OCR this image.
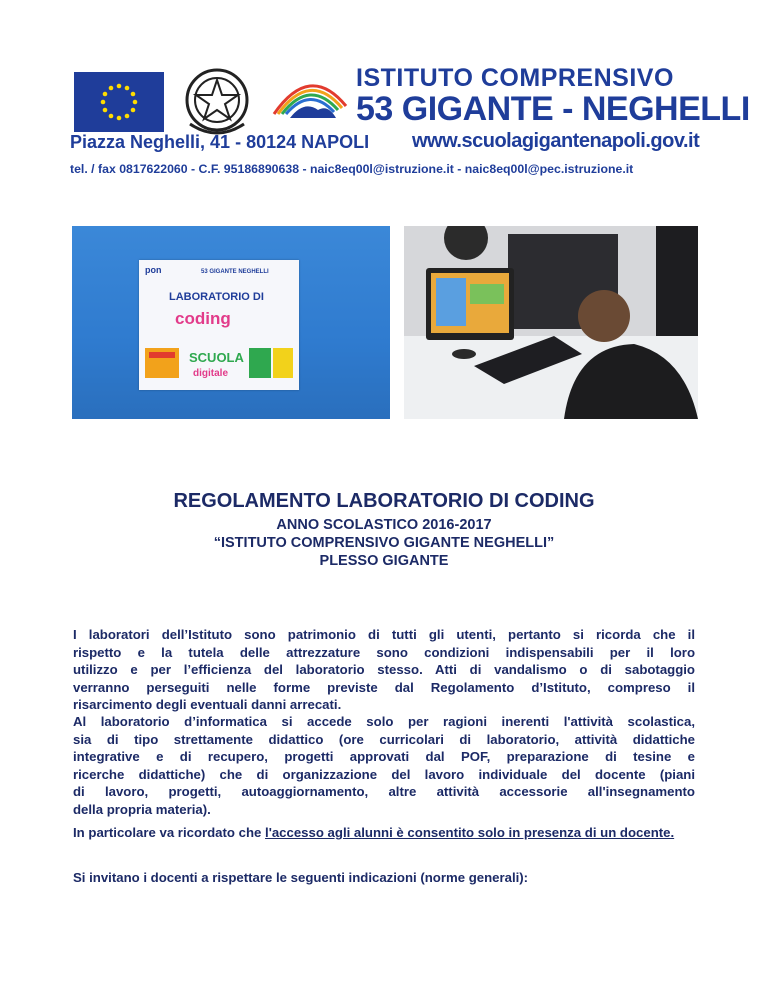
ISTITUTO COMPRENSIVO
53 GIGANTE - NEGHELLI
Piazza Neghelli, 41 - 80124 NAPOLI www.scuolagigantenapoli.gov.it
tel. / fax 0817622060 - C.F. 95186890638 - naic8eq00l@istruzione.it - naic8eq00l@pec.istruzione.it
pon	53 GIGANTE NEGHELLI
LABORATORIO DI
coding
SCUOLA
digitale
REGOLAMENTO LABORATORIO DI CODING
ANNO SCOLASTICO 2016-2017
“ISTITUTO COMPRENSIVO GIGANTE NEGHELLI”
PLESSO GIGANTE
I laboratori dell’Istituto sono patrimonio di tutti gli utenti, pertanto si ricorda che il
rispetto e la tutela delle attrezzature sono condizioni indispensabili per il loro
utilizzo e per l’efficienza del laboratorio stesso. Atti di vandalismo o di sabotaggio
verranno perseguiti nelle forme previste dal Regolamento d’Istituto, compreso il
risarcimento degli eventuali danni arrecati.
Al laboratorio d’informatica si accede solo per ragioni inerenti l'attività scolastica,
sia di tipo strettamente didattico (ore curricolari di laboratorio, attività didattiche
integrative e di recupero, progetti approvati dal POF, preparazione di tesine e
ricerche didattiche) che di organizzazione del lavoro individuale del docente (piani
di lavoro, progetti, autoaggiornamento, altre attività accessorie all'insegnamento
della propria materia).

In particolare va ricordato che l'accesso agli alunni è consentito solo in presenza di un docente.

Si invitano i docenti a rispettare le seguenti indicazioni (norme generali):
